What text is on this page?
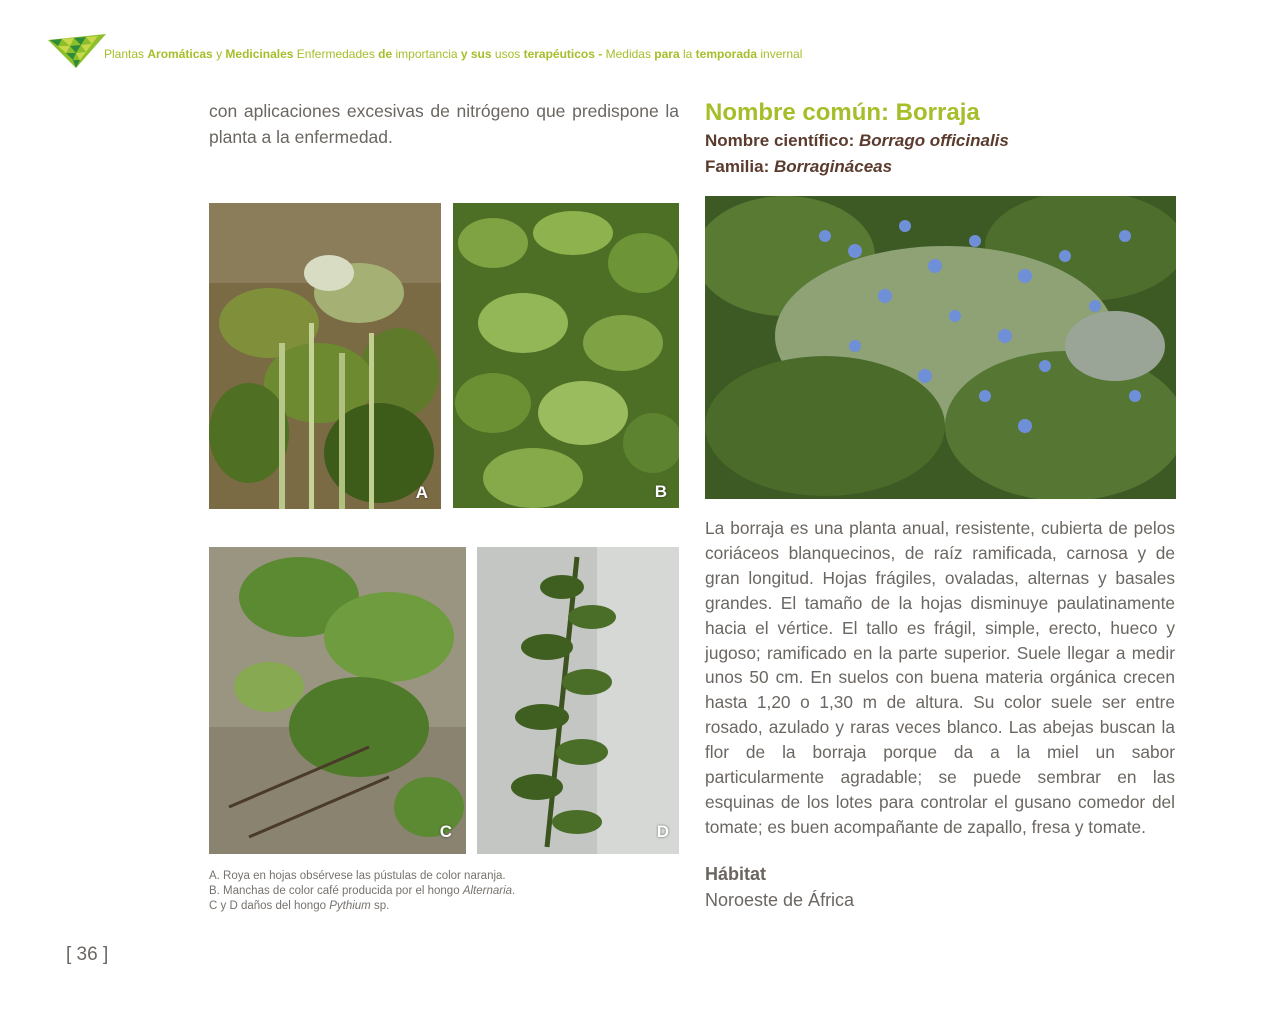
Plantas Aromáticas y Medicinales Enfermedades de importancia y sus usos terapéuticos - Medidas para la temporada invernal
con aplicaciones excesivas de nitrógeno que predispone la planta a la enfermedad.
A	B
C	D
A. Roya en hojas obsérvese las pústulas de color naranja.
B. Manchas de color café producida por el hongo Alternaria.
C y D daños del hongo Pythium sp.
[ 36 ]
Nombre común: Borraja
Nombre científico: Borrago officinalis
Familia: Borragináceas
La borraja es una planta anual, resistente, cubierta de pelos coriáceos blanquecinos, de raíz ramificada, carnosa y de gran longitud. Hojas frágiles, ovaladas, alternas y basales grandes. El tamaño de la hojas disminuye paulatinamente hacia el vértice. El tallo es frágil, simple, erecto, hueco y jugoso; ramificado en la parte superior. Suele llegar a medir unos 50 cm. En suelos con buena materia orgánica crecen hasta 1,20 o 1,30 m de altura. Su color suele ser entre rosado, azulado y raras veces blanco. Las abejas buscan la flor de la borraja porque da a la miel un sabor particularmente agradable; se puede sembrar en las esquinas de los lotes para controlar el gusano comedor del tomate; es buen acompañante de zapallo, fresa y tomate.
Hábitat
Noroeste de África
